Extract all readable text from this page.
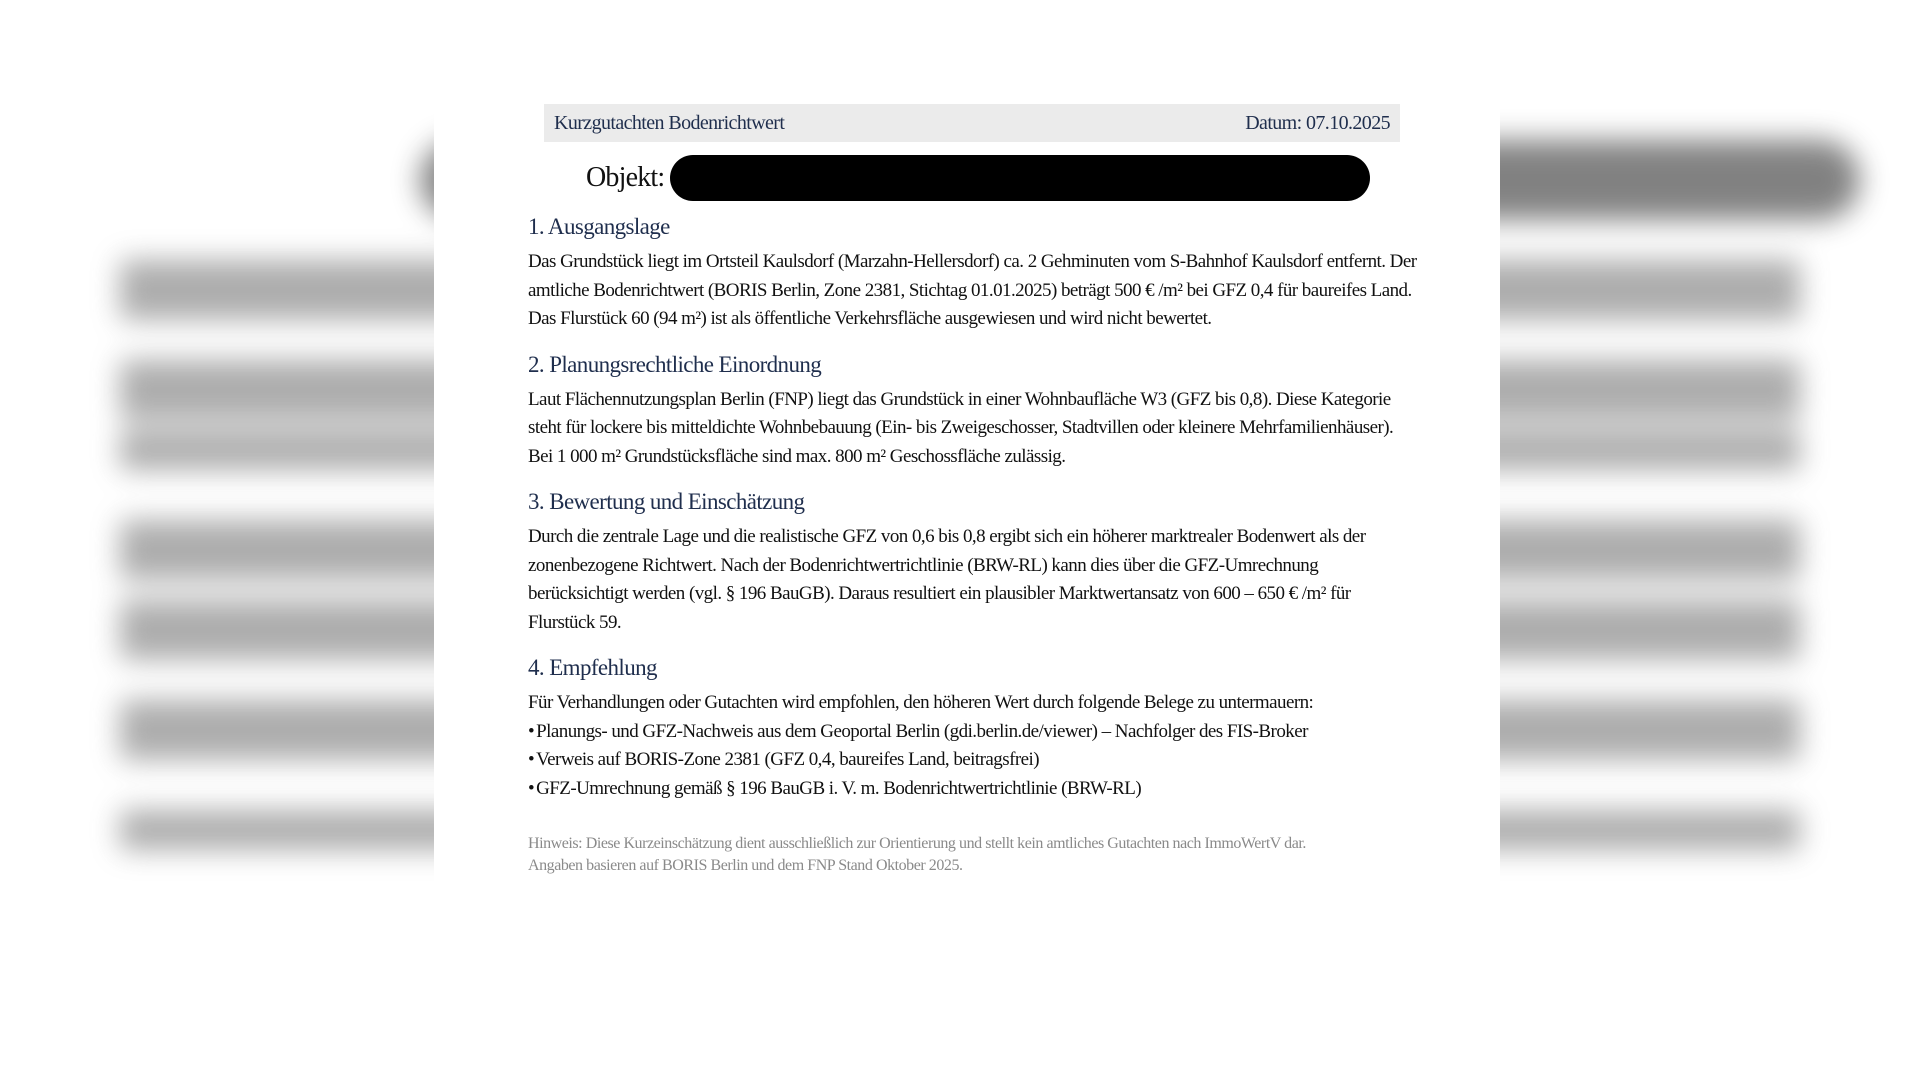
Kurzgutachten Bodenrichtwert	Datum: 07.10.2025
Objekt:
1. Ausgangslage

Das Grundstück liegt im Ortsteil Kaulsdorf (Marzahn-Hellersdorf) ca. 2 Gehminuten vom S-Bahnhof Kaulsdorf entfernt. Der amtliche Bodenrichtwert (BORIS Berlin, Zone 2381, Stichtag 01.01.2025) beträgt 500 € /m² bei GFZ 0,4 für baureifes Land. Das Flurstück 60 (94 m²) ist als öffentliche Verkehrsfläche ausgewiesen und wird nicht bewertet.

2. Planungsrechtliche Einordnung

Laut Flächennutzungsplan Berlin (FNP) liegt das Grundstück in einer Wohnbaufläche W3 (GFZ bis 0,8). Diese Kategorie steht für lockere bis mitteldichte Wohnbebauung (Ein- bis Zweigeschosser, Stadtvillen oder kleinere Mehrfamilienhäuser). Bei 1 000 m² Grundstücksfläche sind max. 800 m² Geschossfläche zulässig.

3. Bewertung und Einschätzung

Durch die zentrale Lage und die realistische GFZ von 0,6 bis 0,8 ergibt sich ein höherer marktrealer Bodenwert als der zonenbezogene Richtwert. Nach der Bodenrichtwertrichtlinie (BRW-RL) kann dies über die GFZ-Umrechnung berücksichtigt werden (vgl. § 196 BauGB). Daraus resultiert ein plausibler Marktwertansatz von 600 – 650 € /m² für Flurstück 59.

4. Empfehlung

Für Verhandlungen oder Gutachten wird empfohlen, den höheren Wert durch folgende Belege zu untermauern:

• Planungs- und GFZ-Nachweis aus dem Geoportal Berlin (gdi.berlin.de/viewer) – Nachfolger des FIS-Broker
• Verweis auf BORIS-Zone 2381 (GFZ 0,4, baureifes Land, beitragsfrei)
• GFZ-Umrechnung gemäß § 196 BauGB i. V. m. Bodenrichtwertrichtlinie (BRW-RL)
Hinweis: Diese Kurzeinschätzung dient ausschließlich zur Orientierung und stellt kein amtliches Gutachten nach ImmoWertV dar.
Angaben basieren auf BORIS Berlin und dem FNP Stand Oktober 2025.
